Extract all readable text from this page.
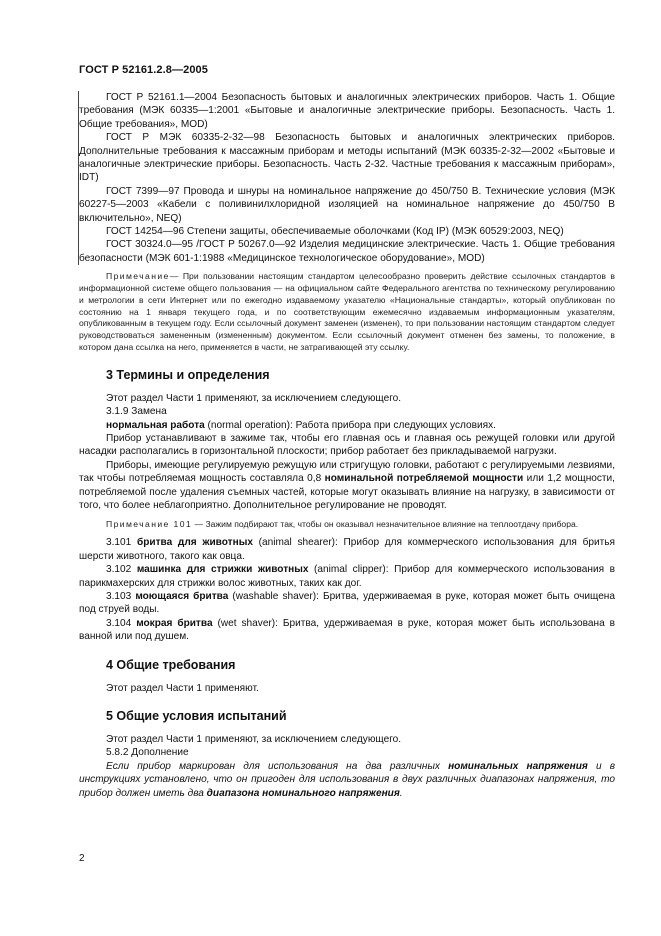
ГОСТ Р 52161.2.8—2005

ГОСТ Р 52161.1—2004 Безопасность бытовых и аналогичных электрических приборов. Часть 1. Общие требования (МЭК 60335—1:2001 «Бытовые и аналогичные электрические приборы. Безопасность. Часть 1. Общие требования», MOD)

ГОСТ Р МЭК 60335-2-32—98 Безопасность бытовых и аналогичных электрических приборов. Дополнительные требования к массажным приборам и методы испытаний (МЭК 60335-2-32—2002 «Бытовые и аналогичные электрические приборы. Безопасность. Часть 2-32. Частные требования к массажным приборам», IDT)

ГОСТ 7399—97 Провода и шнуры на номинальное напряжение до 450/750 В. Технические условия (МЭК 60227-5—2003 «Кабели с поливинилхлоридной изоляцией на номинальное напряжение до 450/750 В включительно», NEQ)

ГОСТ 14254—96 Степени защиты, обеспечиваемые оболочками (Код IP) (МЭК 60529:2003, NEQ)

ГОСТ 30324.0—95 /ГОСТ Р 50267.0—92 Изделия медицинские электрические. Часть 1. Общие требования безопасности (МЭК 601-1:1988 «Медицинское технологическое оборудование», MOD)

Примечание— При пользовании настоящим стандартом целесообразно проверить действие ссылочных стандартов в информационной системе общего пользования — на официальном сайте Федерального агентства по техническому регулированию и метрологии в сети Интернет или по ежегодно издаваемому указателю «Национальные стандарты», который опубликован по состоянию на 1 января текущего года, и по соответствующим ежемесячно издаваемым информационным указателям, опубликованным в текущем году. Если ссылочный документ заменен (изменен), то при пользовании настоящим стандартом следует руководствоваться замененным (измененным) документом. Если ссылочный документ отменен без замены, то положение, в котором дана ссылка на него, применяется в части, не затрагивающей эту ссылку.

3 Термины и определения

Этот раздел Части 1 применяют, за исключением следующего.

3.1.9 Замена

нормальная работа (normal operation): Работа прибора при следующих условиях.

Прибор устанавливают в зажиме так, чтобы его главная ось и главная ось режущей головки или другой насадки располагались в горизонтальной плоскости; прибор работает без прикладываемой нагрузки.

Приборы, имеющие регулируемую режущую или стригущую головки, работают с регулируемыми лезвиями, так чтобы потребляемая мощность составляла 0,8 номинальной потребляемой мощности или 1,2 мощности, потребляемой после удаления съемных частей, которые могут оказывать влияние на нагрузку, в зависимости от того, что более неблагоприятно. Дополнительное регулирование не проводят.

Примечание 101 — Зажим подбирают так, чтобы он оказывал незначительное влияние на теплоотдачу прибора.

3.101 бритва для животных (animal shearer): Прибор для коммерческого использования для бритья шерсти животного, такого как овца.

3.102 машинка для стрижки животных (animal clipper): Прибор для коммерческого использования в парикмахерских для стрижки волос животных, таких как дог.

3.103 моющаяся бритва (washable shaver): Бритва, удерживаемая в руке, которая может быть очищена под струей воды.

3.104 мокрая бритва (wet shaver): Бритва, удерживаемая в руке, которая может быть использована в ванной или под душем.

4 Общие требования

Этот раздел Части 1 применяют.

5 Общие условия испытаний

Этот раздел Части 1 применяют, за исключением следующего.

5.8.2 Дополнение

Если прибор маркирован для использования на два различных номинальных напряжения и в инструкциях установлено, что он пригоден для использования в двух различных диапазонах напряжения, то прибор должен иметь два диапазона номинального напряжения.

2
